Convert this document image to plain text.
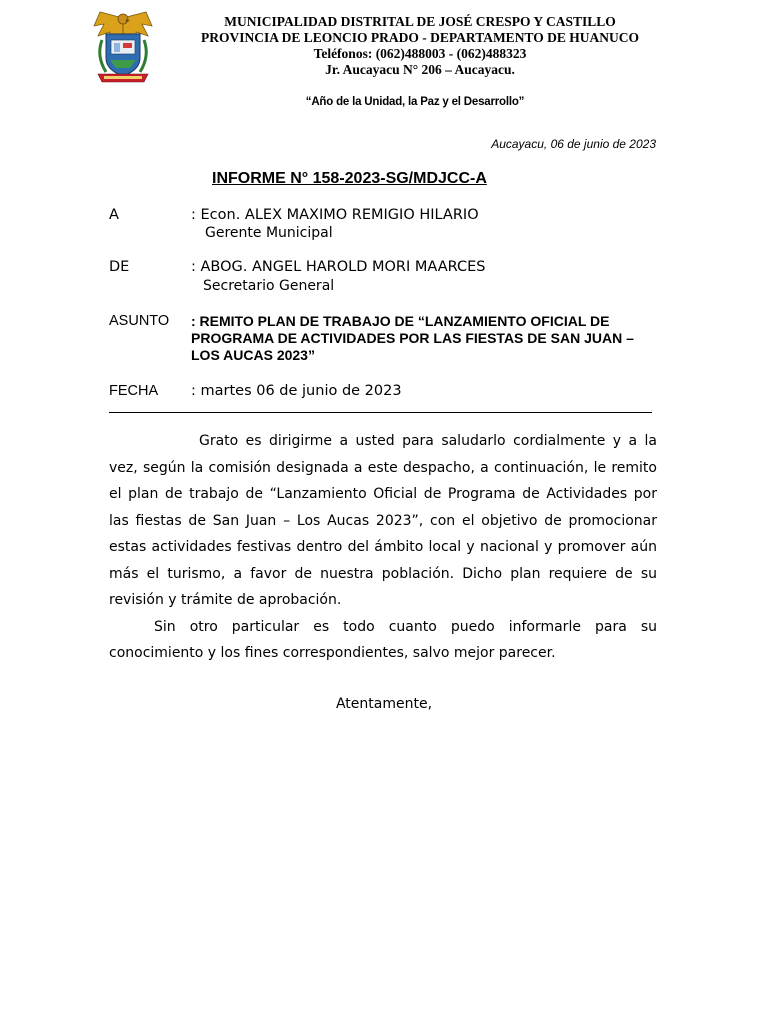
MUNICIPALIDAD DISTRITAL DE JOSÉ CRESPO Y CASTILLO
PROVINCIA DE LEONCIO PRADO - DEPARTAMENTO DE HUANUCO
Teléfonos: (062)488003 - (062)488323
Jr. Aucayacu N° 206 – Aucayacu.
“Año de la Unidad, la Paz y el Desarrollo”
Aucayacu, 06 de junio de 2023
INFORME N° 158-2023-SG/MDJCC-A
A	: Econ. ALEX MAXIMO REMIGIO HILARIO
Gerente Municipal
DE	: ABOG. ANGEL HAROLD MORI MAARCES
Secretario General
ASUNTO : REMITO PLAN DE TRABAJO DE “LANZAMIENTO OFICIAL DE PROGRAMA DE ACTIVIDADES POR LAS FIESTAS DE SAN JUAN – LOS AUCAS 2023”
FECHA : martes 06 de junio de 2023

Grato es dirigirme a usted para saludarlo cordialmente y a la vez, según la comisión designada a este despacho, a continuación, le remito el plan de trabajo de “Lanzamiento Oficial de Programa de Actividades por las fiestas de San Juan – Los Aucas 2023”, con el objetivo de promocionar estas actividades festivas dentro del ámbito local y nacional y promover aún más el turismo, a favor de nuestra población. Dicho plan requiere de su revisión y trámite de aprobación.

Sin otro particular es todo cuanto puedo informarle para su conocimiento y los fines correspondientes, salvo mejor parecer.

Atentamente,
